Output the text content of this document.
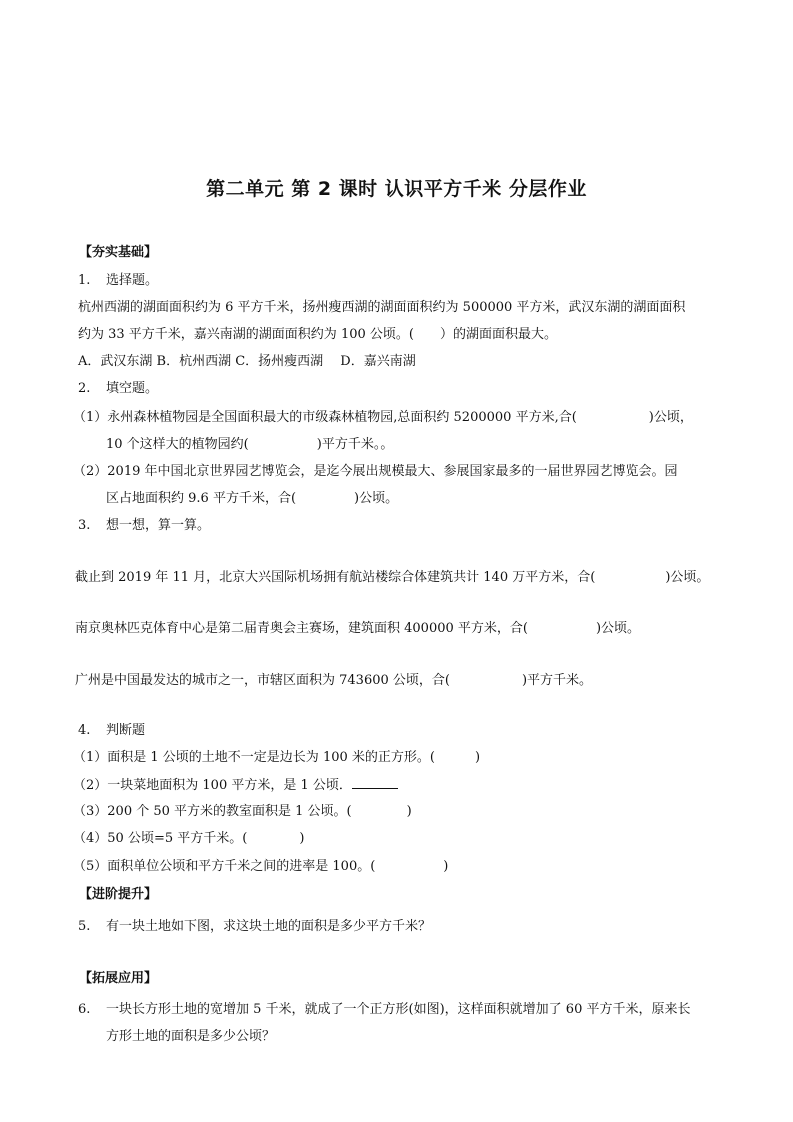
第二单元 第 2 课时 认识平方千米 分层作业
【夯实基础】
1. 选择题。
杭州西湖的湖面面积约为 6 平方千米，扬州瘦西湖的湖面面积约为 500000 平方米，武汉东湖的湖面面积
约为 33 平方千米，嘉兴南湖的湖面面积约为 100 公顷。(　　）的湖面面积最大。
A．武汉东湖 B．杭州西湖 C．扬州瘦西湖　 D．嘉兴南湖
2. 填空题。
（1）永州森林植物园是全国面积最大的市级森林植物园,总面积约 5200000 平方米,合(	)公顷，
10 个这样大的植物园约(	)平方千米。。
（2）2019 年中国北京世界园艺博览会，是迄今展出规模最大、参展国家最多的一届世界园艺博览会。园
区占地面积约 9.6 平方千米，合(	)公顷。
3. 想一想，算一算。
截止到 2019 年 11 月，北京大兴国际机场拥有航站楼综合体建筑共计 140 万平方米，合(	)公顷。
南京奥林匹克体育中心是第二届青奥会主赛场，建筑面积 400000 平方米，合(	)公顷。
广州是中国最发达的城市之一，市辖区面积为 743600 公顷，合(	)平方千米。
4. 判断题
（1）面积是 1 公顷的土地不一定是边长为 100 米的正方形。(	)
（2）一块菜地面积为 100 平方米，是 1 公顷．
（3）200 个 50 平方米的教室面积是 1 公顷。(	)
（4）50 公顷=5 平方千米。(	)
（5）面积单位公顷和平方千米之间的进率是 100。(	)
【进阶提升】
5. 有一块土地如下图，求这块土地的面积是多少平方千米？
【拓展应用】
6. 一块长方形土地的宽增加 5 千米，就成了一个正方形(如图)，这样面积就增加了 60 平方千米，原来长
方形土地的面积是多少公顷？
